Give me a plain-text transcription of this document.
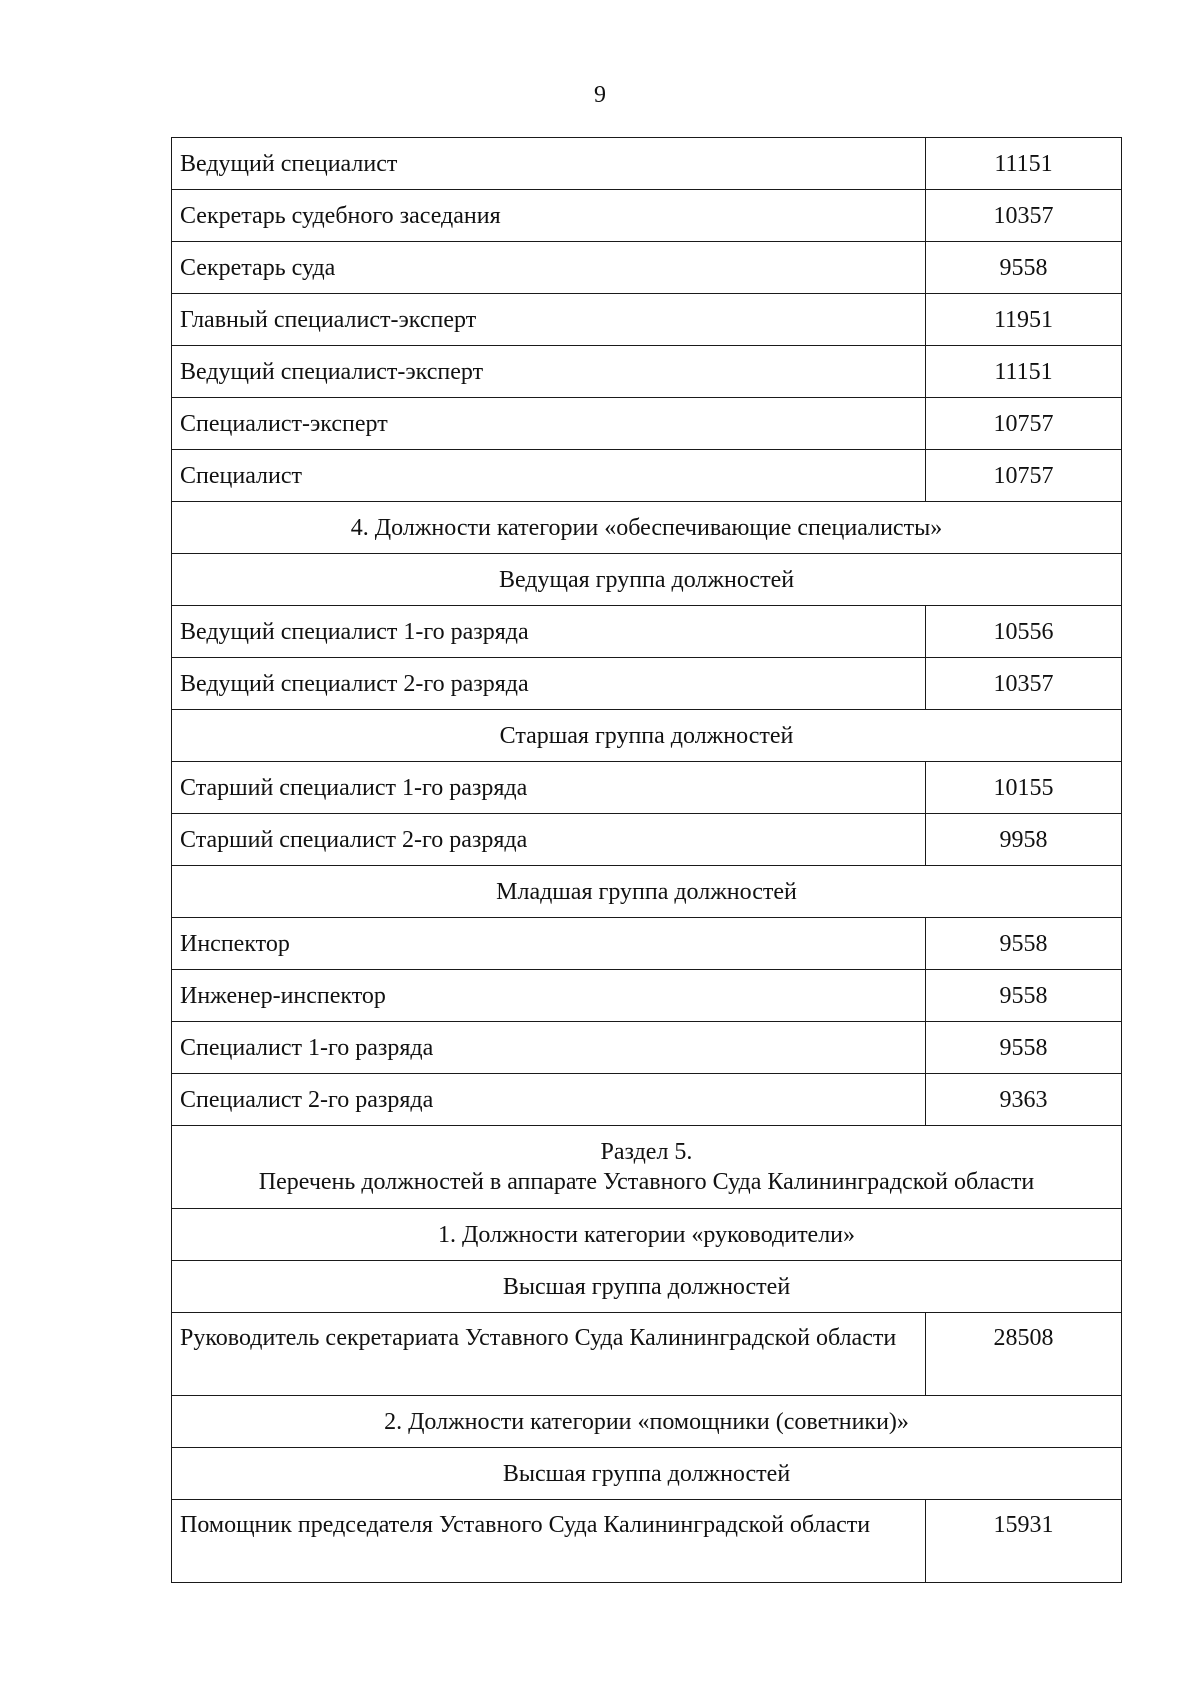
9
Ведущий специалист	11151
Секретарь судебного заседания	10357
Секретарь суда	9558
Главный специалист-эксперт	11951
Ведущий специалист-эксперт	11151
Специалист-эксперт	10757
Специалист	10757
4. Должности категории «обеспечивающие специалисты»	
Ведущая группа должностей	
Ведущий специалист 1-го разряда	10556
Ведущий специалист 2-го разряда	10357
Старшая группа должностей	
Старший специалист 1-го разряда	10155
Старший специалист 2-го разряда	9958
Младшая группа должностей	
Инспектор	9558
Инженер-инспектор	9558
Специалист 1-го разряда	9558
Специалист 2-го разряда	9363

Раздел 5.
Перечень должностей в аппарате Уставного Суда Калининградской области	

1. Должности категории «руководители»	
Высшая группа должностей	
Руководитель секретариата Уставного Суда Калининградской области	28508
2. Должности категории «помощники (советники)»	
Высшая группа должностей	
Помощник председателя Уставного Суда Калининградской области	15931
